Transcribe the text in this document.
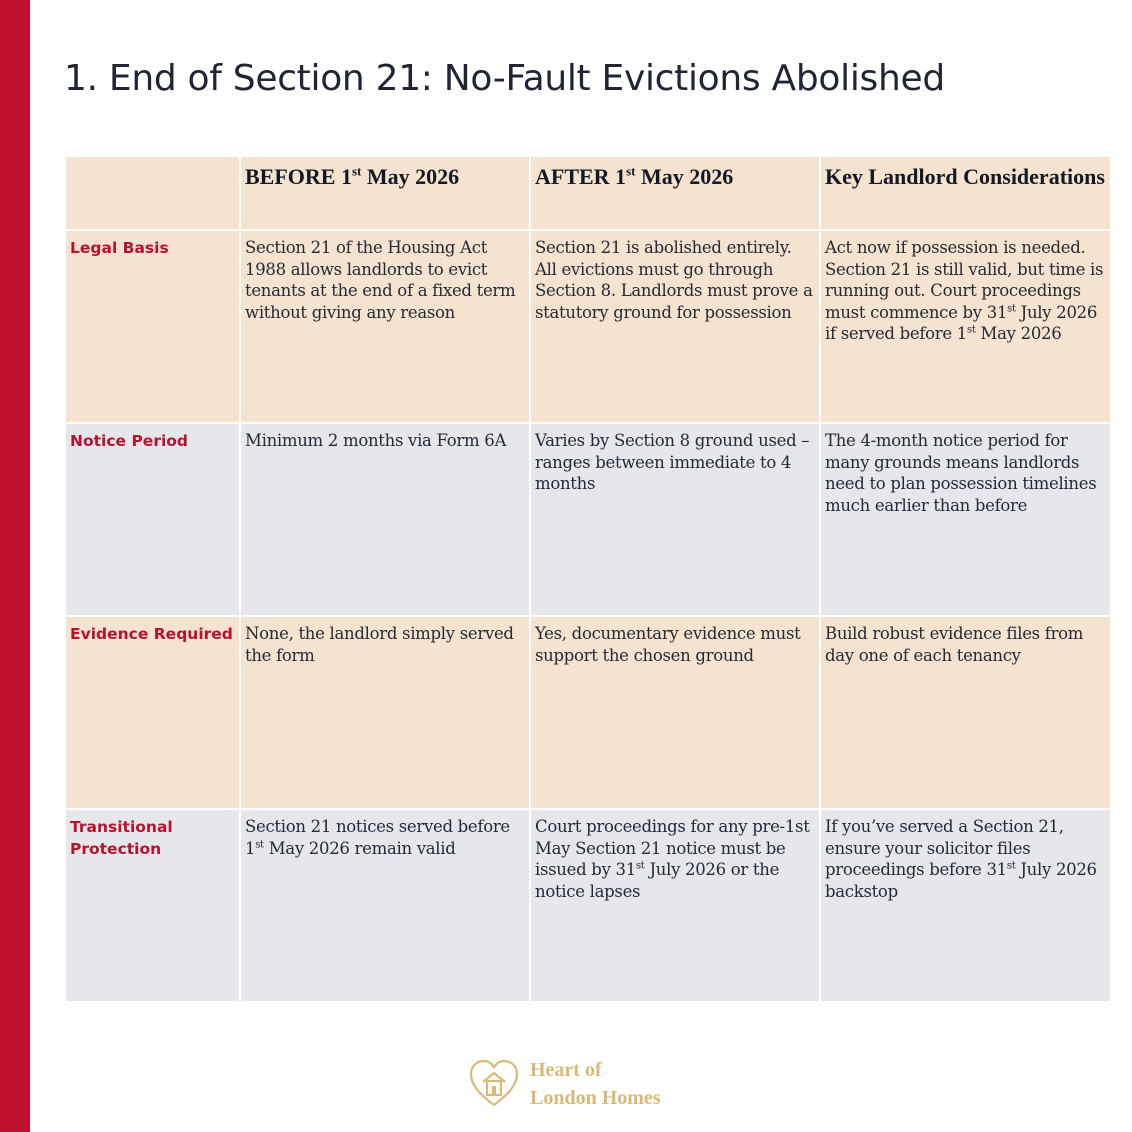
1. End of Section 21: No-Fault Evictions Abolished
	BEFORE 1st May 2026	AFTER 1st May 2026	Key Landlord Considerations
Legal Basis	Section 21 of the Housing Act 1988 allows landlords to evict tenants at the end of a fixed term without giving any reason	Section 21 is abolished entirely. All evictions must go through Section 8. Landlords must prove a statutory ground for possession	Act now if possession is needed. Section 21 is still valid, but time is running out. Court proceedings must commence by 31st July 2026 if served before 1st May 2026
Notice Period	Minimum 2 months via Form 6A	Varies by Section 8 ground used – ranges between immediate to 4 months	The 4-month notice period for many grounds means landlords need to plan possession timelines much earlier than before
Evidence Required	None, the landlord simply served the form	Yes, documentary evidence must support the chosen ground	Build robust evidence files from day one of each tenancy
Transitional Protection	Section 21 notices served before 1st May 2026 remain valid	Court proceedings for any pre-1st May Section 21 notice must be issued by 31st July 2026 or the notice lapses	If you’ve served a Section 21, ensure your solicitor files proceedings before 31st July 2026 backstop
Heart of
London Homes
